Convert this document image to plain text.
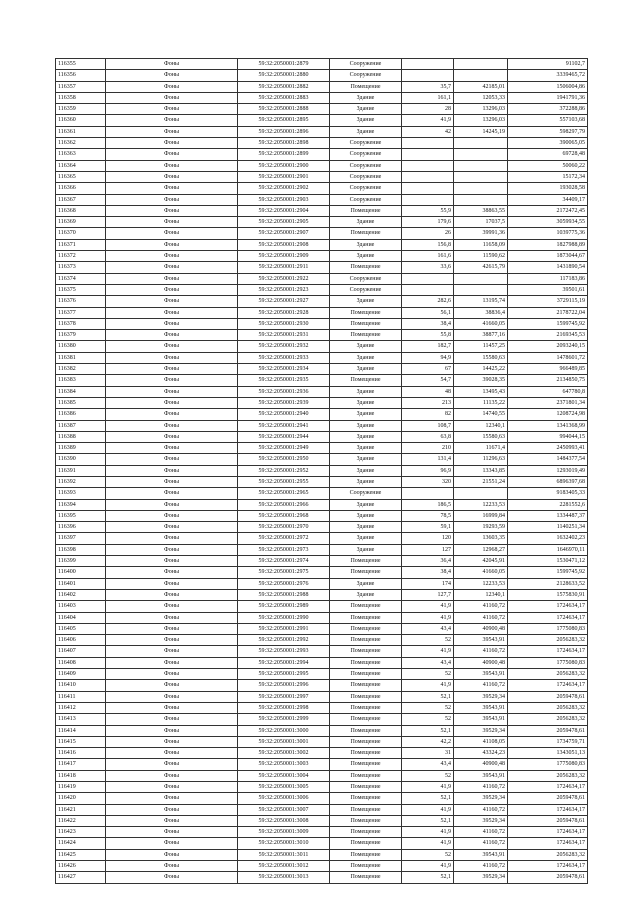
116355	Фоны	59:32:2050001:2879	Сооружение			91102,7
116356	Фоны	59:32:2050001:2880	Сооружение			3339465,72
116357	Фоны	59:32:2050001:2882	Помещение	35,7	42185,01	1506004,86
116358	Фоны	59:32:2050001:2883	Здание	161,1	12053,33	1941791,36
116359	Фоны	59:32:2050001:2888	Здание	28	13296,03	372288,86
116360	Фоны	59:32:2050001:2895	Здание	41,9	13296,03	557103,68
116361	Фоны	59:32:2050001:2896	Здание	42	14245,19	598297,79
116362	Фоны	59:32:2050001:2898	Сооружение			390065,05
116363	Фоны	59:32:2050001:2899	Сооружение			69728,48
116364	Фоны	59:32:2050001:2900	Сооружение			50060,22
116365	Фоны	59:32:2050001:2901	Сооружение			15172,34
116366	Фоны	59:32:2050001:2902	Сооружение			193028,58
116367	Фоны	59:32:2050001:2903	Сооружение			34409,17
116368	Фоны	59:32:2050001:2904	Помещение	55,9	38863,55	2172472,45
116369	Фоны	59:32:2050001:2905	Здание	179,6	17037,5	3059934,55
116370	Фоны	59:32:2050001:2907	Помещение	26	39991,36	1039775,36
116371	Фоны	59:32:2050001:2908	Здание	156,8	11658,09	1827988,89
116372	Фоны	59:32:2050001:2909	Здание	161,6	11590,62	1873044,67
116373	Фоны	59:32:2050001:2911	Помещение	33,6	42615,79	1431890,54
116374	Фоны	59:32:2050001:2922	Сооружение			117183,86
116375	Фоны	59:32:2050001:2923	Сооружение			39501,61
116376	Фоны	59:32:2050001:2927	Здание	282,6	13195,74	3729115,19
116377	Фоны	59:32:2050001:2928	Помещение	56,1	38836,4	2178722,04
116378	Фоны	59:32:2050001:2930	Помещение	38,4	41660,05	1599745,92
116379	Фоны	59:32:2050001:2931	Помещение	55,8	38877,16	2169345,53
116380	Фоны	59:32:2050001:2932	Здание	182,7	11457,25	2093240,15
116381	Фоны	59:32:2050001:2933	Здание	94,9	15580,63	1478601,72
116382	Фоны	59:32:2050001:2934	Здание	67	14425,22	966489,85
116383	Фоны	59:32:2050001:2935	Помещение	54,7	39028,35	2134850,75
116384	Фоны	59:32:2050001:2936	Здание	48	13495,43	647780,8
116385	Фоны	59:32:2050001:2939	Здание	213	11135,22	2371801,34
116386	Фоны	59:32:2050001:2940	Здание	82	14740,55	1208724,98
116387	Фоны	59:32:2050001:2941	Здание	108,7	12340,1	1341368,99
116388	Фоны	59:32:2050001:2944	Здание	63,8	15580,63	994044,15
116389	Фоны	59:32:2050001:2949	Здание	210	11671,4	2450993,41
116390	Фоны	59:32:2050001:2950	Здание	131,4	11296,63	1484377,54
116391	Фоны	59:32:2050001:2952	Здание	96,9	13343,85	1293019,49
116392	Фоны	59:32:2050001:2955	Здание	320	21551,24	6896397,68
116393	Фоны	59:32:2050001:2965	Сооружение			9183405,33
116394	Фоны	59:32:2050001:2966	Здание	186,5	12233,53	2281552,6
116395	Фоны	59:32:2050001:2968	Здание	78,5	16999,84	1334487,37
116396	Фоны	59:32:2050001:2970	Здание	59,1	19293,59	1140251,34
116397	Фоны	59:32:2050001:2972	Здание	120	13603,35	1632402,23
116398	Фоны	59:32:2050001:2973	Здание	127	12968,27	1646970,11
116399	Фоны	59:32:2050001:2974	Помещение	36,4	42045,91	1530471,12
116400	Фоны	59:32:2050001:2975	Помещение	38,4	41660,05	1599745,92
116401	Фоны	59:32:2050001:2976	Здание	174	12233,53	2128633,52
116402	Фоны	59:32:2050001:2988	Здание	127,7	12340,1	1575830,91
116403	Фоны	59:32:2050001:2989	Помещение	41,9	41160,72	1724634,17
116404	Фоны	59:32:2050001:2990	Помещение	41,9	41160,72	1724634,17
116405	Фоны	59:32:2050001:2991	Помещение	43,4	40900,48	1775080,83
116406	Фоны	59:32:2050001:2992	Помещение	52	39543,91	2056283,32
116407	Фоны	59:32:2050001:2993	Помещение	41,9	41160,72	1724634,17
116408	Фоны	59:32:2050001:2994	Помещение	43,4	40900,48	1775080,83
116409	Фоны	59:32:2050001:2995	Помещение	52	39543,91	2056283,32
116410	Фоны	59:32:2050001:2996	Помещение	41,9	41160,72	1724634,17
116411	Фоны	59:32:2050001:2997	Помещение	52,1	39529,34	2059478,61
116412	Фоны	59:32:2050001:2998	Помещение	52	39543,91	2056283,32
116413	Фоны	59:32:2050001:2999	Помещение	52	39543,91	2056283,32
116414	Фоны	59:32:2050001:3000	Помещение	52,1	39529,34	2059478,61
116415	Фоны	59:32:2050001:3001	Помещение	42,2	41108,05	1734759,71
116416	Фоны	59:32:2050001:3002	Помещение	31	43324,23	1343051,13
116417	Фоны	59:32:2050001:3003	Помещение	43,4	40900,48	1775080,83
116418	Фоны	59:32:2050001:3004	Помещение	52	39543,91	2056283,32
116419	Фоны	59:32:2050001:3005	Помещение	41,9	41160,72	1724634,17
116420	Фоны	59:32:2050001:3006	Помещение	52,1	39529,34	2059478,61
116421	Фоны	59:32:2050001:3007	Помещение	41,9	41160,72	1724634,17
116422	Фоны	59:32:2050001:3008	Помещение	52,1	39529,34	2059478,61
116423	Фоны	59:32:2050001:3009	Помещение	41,9	41160,72	1724634,17
116424	Фоны	59:32:2050001:3010	Помещение	41,9	41160,72	1724634,17
116425	Фоны	59:32:2050001:3011	Помещение	52	39543,91	2056283,32
116426	Фоны	59:32:2050001:3012	Помещение	41,9	41160,72	1724634,17
116427	Фоны	59:32:2050001:3013	Помещение	52,1	39529,34	2059478,61
